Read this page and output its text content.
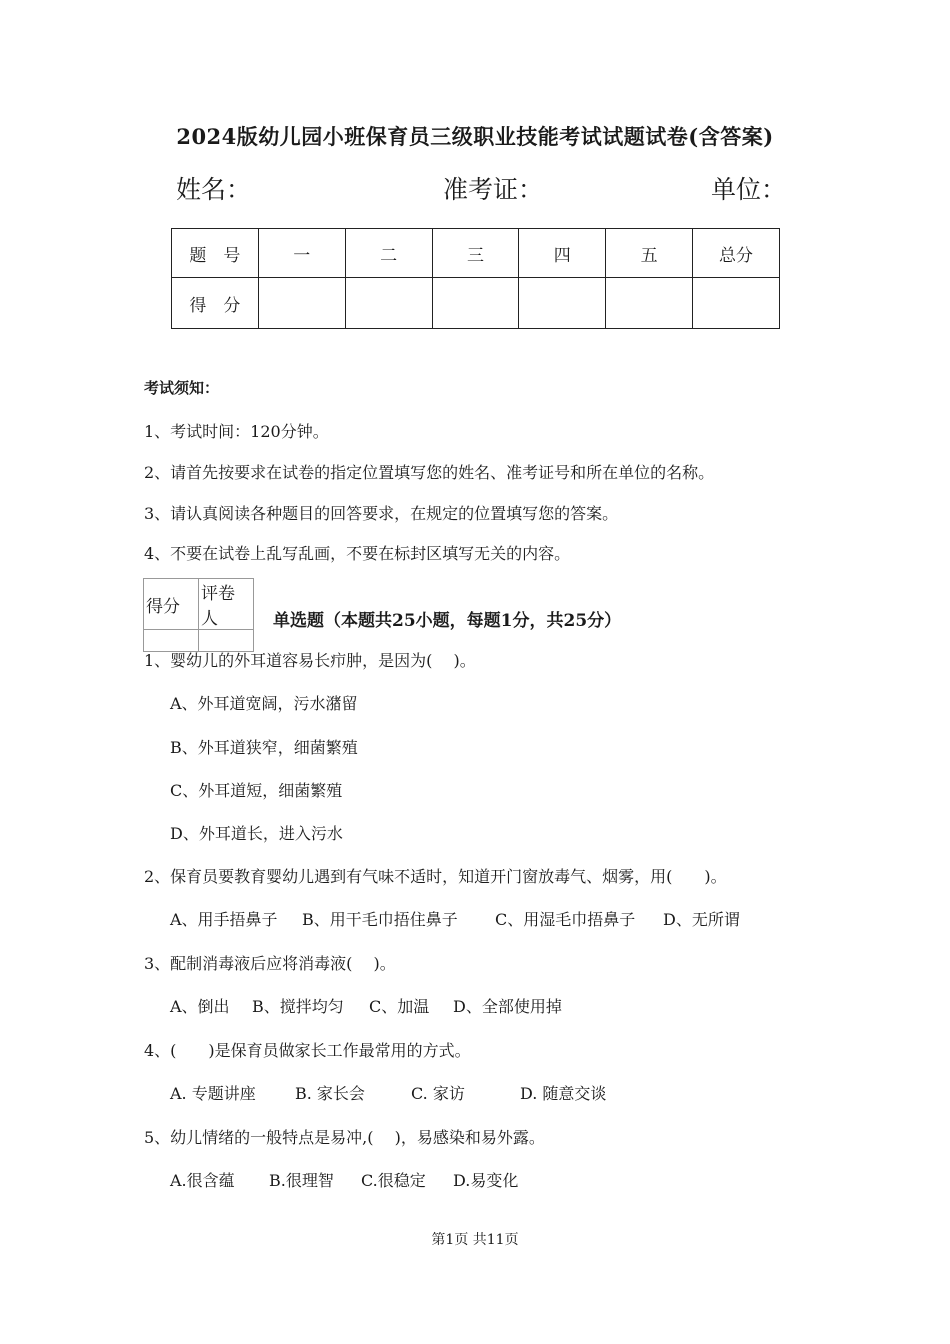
2024版幼儿园小班保育员三级职业技能考试试题试卷(含答案)
姓名：	准考证：	单位：
题　号	一	二	三	四	五	总分
得　分						
考试须知：
1、考试时间：120分钟。
2、请首先按要求在试卷的指定位置填写您的姓名、准考证号和所在单位的名称。
3、请认真阅读各种题目的回答要求，在规定的位置填写您的答案。
4、不要在试卷上乱写乱画，不要在标封区填写无关的内容。
得分	评卷人
		单选题（本题共25小题，每题1分，共25分）
1、婴幼儿的外耳道容易长疖肿，是因为(　 )。
A、外耳道宽阔，污水潴留
B、外耳道狭窄，细菌繁殖
C、外耳道短，细菌繁殖
D、外耳道长，进入污水
2、保育员要教育婴幼儿遇到有气味不适时，知道开门窗放毒气、烟雾，用(　　)。
A、用手捂鼻子 B、用干毛巾捂住鼻子 C、用湿毛巾捂鼻子 D、无所谓
3、配制消毒液后应将消毒液(　 )。
A、倒出 B、搅拌均匀 C、加温 D、全部使用掉
4、(　　)是保育员做家长工作最常用的方式。
A. 专题讲座 B. 家长会	C. 家访	D. 随意交谈
5、幼儿情绪的一般特点是易冲,(　 )，易感染和易外露。
A.很含蕴 B.很理智 C.很稳定 D.易变化
第1页 共11页
